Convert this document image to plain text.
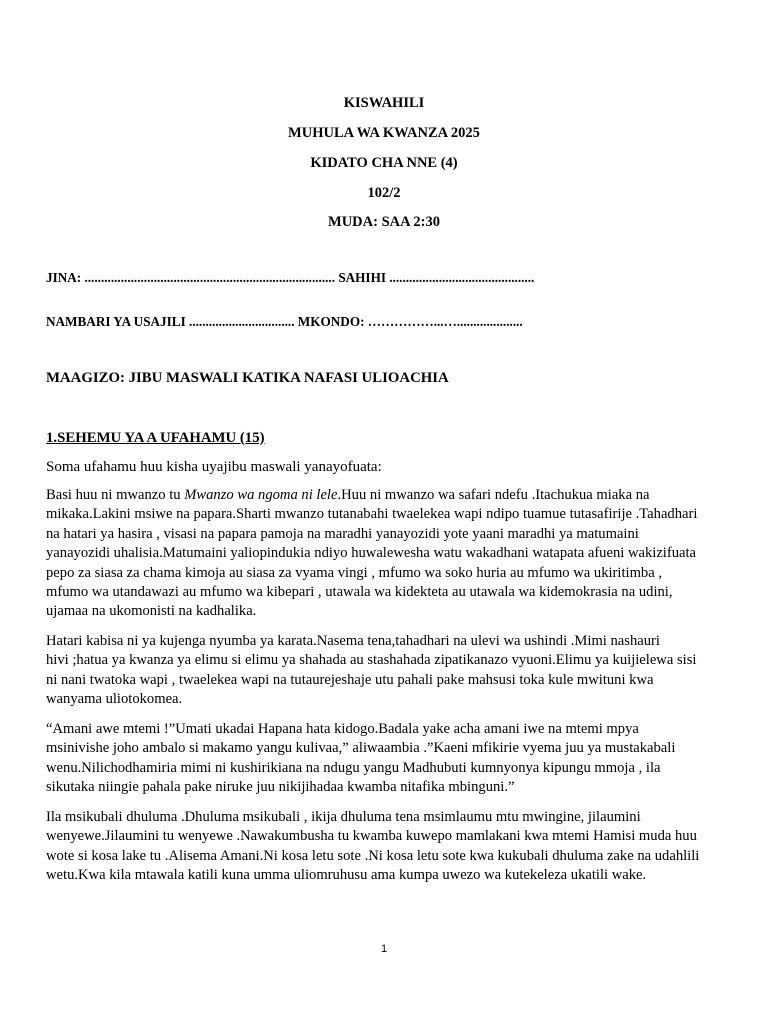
KISWAHILI
MUHULA WA KWANZA 2025
KIDATO CHA NNE (4)
102/2
MUDA: SAA 2:30
JINA: ............................................................................ SAHIHI ............................................
NAMBARI YA USAJILI ................................ MKONDO: ……………...…....................
MAAGIZO: JIBU MASWALI KATIKA NAFASI ULIOACHIA
1.SEHEMU YA A UFAHAMU (15)
Soma ufahamu huu kisha uyajibu maswali yanayofuata:
Basi huu ni mwanzo tu Mwanzo wa ngoma ni lele.Huu ni mwanzo wa safari ndefu .Itachukua miaka na
mikaka.Lakini msiwe na papara.Sharti mwanzo tutanabahi twaelekea wapi ndipo tuamue tutasafirije .Tahadhari
na hatari ya hasira , visasi na papara pamoja na maradhi yanayozidi yote yaani maradhi ya matumaini
yanayozidi uhalisia.Matumaini yaliopindukia ndiyo huwalewesha watu wakadhani watapata afueni wakizifuata
pepo za siasa za chama kimoja au siasa za vyama vingi , mfumo wa soko huria au mfumo wa ukiritimba ,
mfumo wa utandawazi au mfumo wa kibepari , utawala wa kidekteta au utawala wa kidemokrasia na udini,
ujamaa na ukomonisti na kadhalika.
Hatari kabisa ni ya kujenga nyumba ya karata.Nasema tena,tahadhari na ulevi wa ushindi .Mimi nashauri
hivi ;hatua ya kwanza ya elimu si elimu ya shahada au stashahada zipatikanazo vyuoni.Elimu ya kuijielewa sisi
ni nani twatoka wapi , twaelekea wapi na tutaurejeshaje utu pahali pake mahsusi toka kule mwituni kwa
wanyama uliotokomea.
“Amani awe mtemi !”Umati ukadai Hapana hata kidogo.Badala yake acha amani iwe na mtemi mpya
msinivishe joho ambalo si makamo yangu kulivaa,” aliwaambia .”Kaeni mfikirie vyema juu ya mustakabali
wenu.Nilichodhamiria mimi ni kushirikiana na ndugu yangu Madhubuti kumnyonya kipungu mmoja , ila
sikutaka niingie pahala pake niruke juu nikijihadaa kwamba nitafika mbinguni.”
Ila msikubali dhuluma .Dhuluma msikubali , ikija dhuluma tena msimlaumu mtu mwingine, jilaumini
wenyewe.Jilaumini tu wenyewe .Nawakumbusha tu kwamba kuwepo mamlakani kwa mtemi Hamisi muda huu
wote si kosa lake tu .Alisema Amani.Ni kosa letu sote .Ni kosa letu sote kwa kukubali dhuluma zake na udahlili
wetu.Kwa kila mtawala katili kuna umma uliomruhusu ama kumpa uwezo wa kutekeleza ukatili wake.
1
